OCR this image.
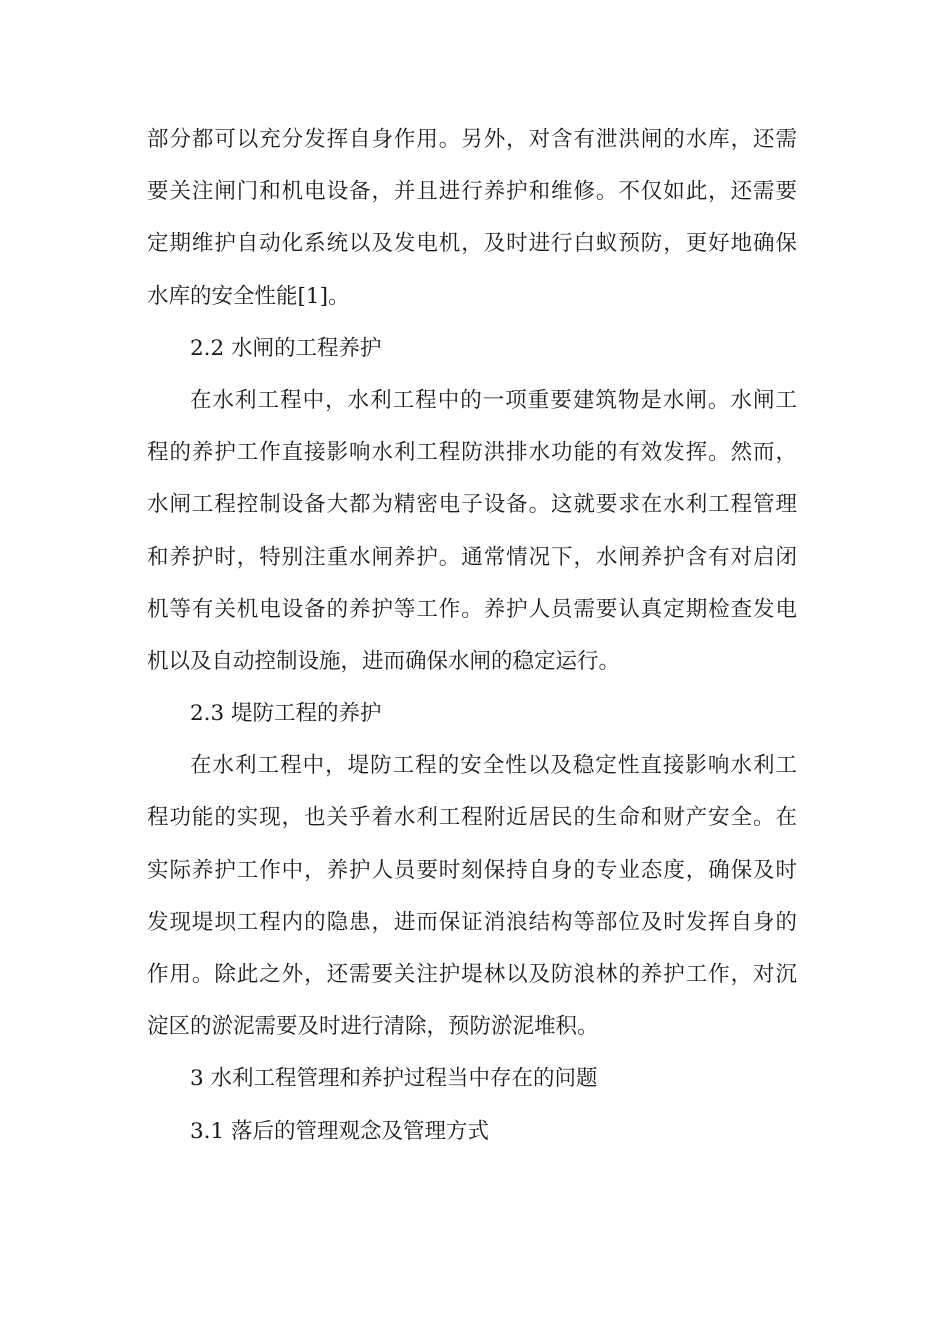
部分都可以充分发挥自身作用。另外，对含有泄洪闸的水库，还需
要关注闸门和机电设备，并且进行养护和维修。不仅如此，还需要
定期维护自动化系统以及发电机，及时进行白蚁预防，更好地确保
水库的安全性能[1]。
2.2 水闸的工程养护
在水利工程中，水利工程中的一项重要建筑物是水闸。水闸工
程的养护工作直接影响水利工程防洪排水功能的有效发挥。然而，
水闸工程控制设备大都为精密电子设备。这就要求在水利工程管理
和养护时，特别注重水闸养护。通常情况下，水闸养护含有对启闭
机等有关机电设备的养护等工作。养护人员需要认真定期检查发电
机以及自动控制设施，进而确保水闸的稳定运行。
2.3 堤防工程的养护
在水利工程中，堤防工程的安全性以及稳定性直接影响水利工
程功能的实现，也关乎着水利工程附近居民的生命和财产安全。在
实际养护工作中，养护人员要时刻保持自身的专业态度，确保及时
发现堤坝工程内的隐患，进而保证消浪结构等部位及时发挥自身的
作用。除此之外，还需要关注护堤林以及防浪林的养护工作，对沉
淀区的淤泥需要及时进行清除，预防淤泥堆积。
3 水利工程管理和养护过程当中存在的问题
3.1 落后的管理观念及管理方式
